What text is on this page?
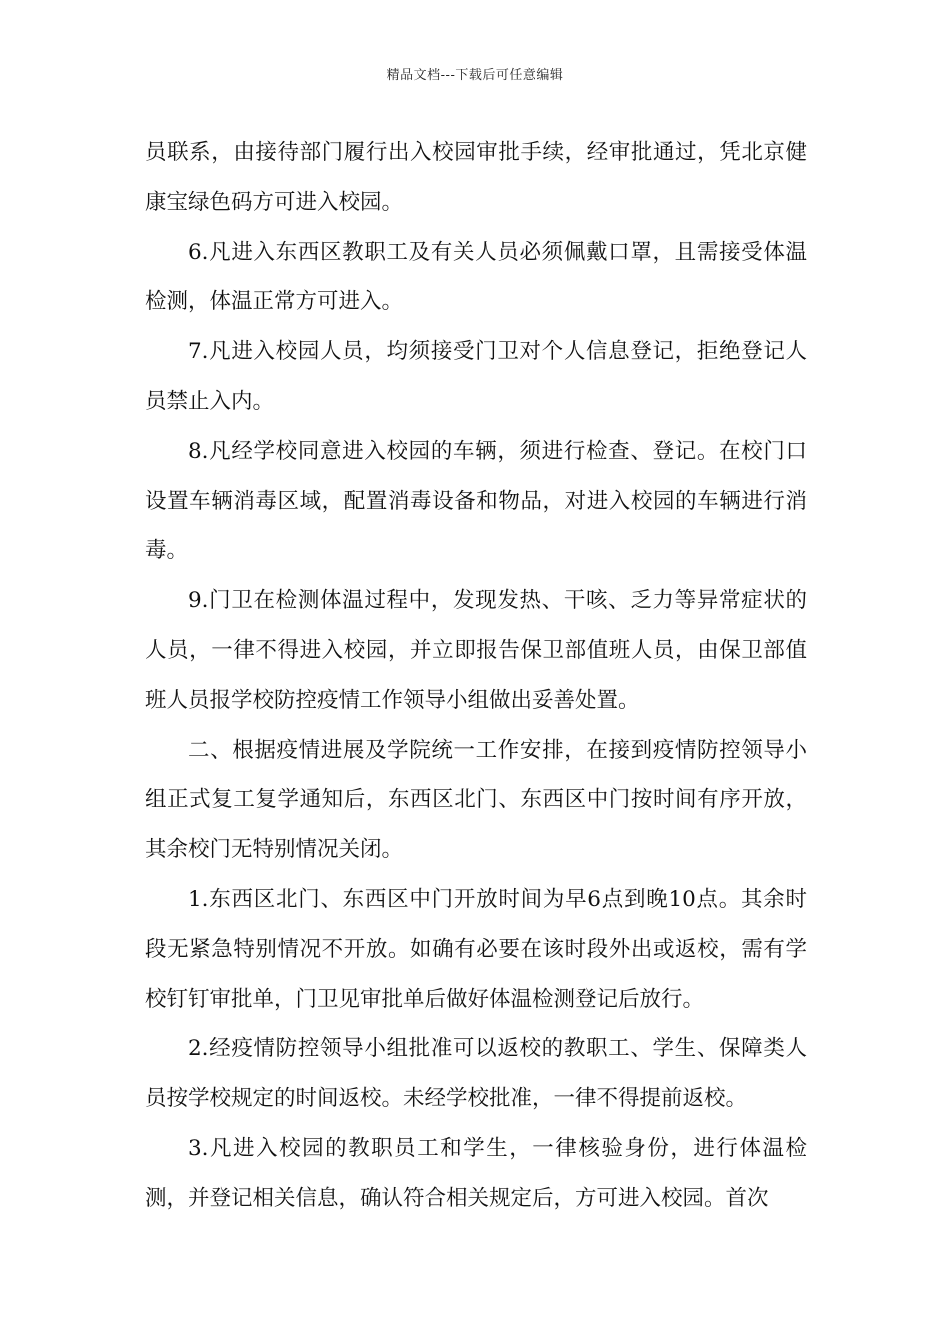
精品文档---下载后可任意编辑

员联系，由接待部门履行出入校园审批手续，经审批通过，凭北京健康宝绿色码方可进入校园。

6.凡进入东西区教职工及有关人员必须佩戴口罩，且需接受体温检测，体温正常方可进入。

7.凡进入校园人员，均须接受门卫对个人信息登记，拒绝登记人员禁止入内。

8.凡经学校同意进入校园的车辆，须进行检查、登记。在校门口设置车辆消毒区域，配置消毒设备和物品，对进入校园的车辆进行消毒。

9.门卫在检测体温过程中，发现发热、干咳、乏力等异常症状的人员，一律不得进入校园，并立即报告保卫部值班人员，由保卫部值班人员报学校防控疫情工作领导小组做出妥善处置。

二、根据疫情进展及学院统一工作安排，在接到疫情防控领导小组正式复工复学通知后，东西区北门、东西区中门按时间有序开放，其余校门无特别情况关闭。

1.东西区北门、东西区中门开放时间为早6点到晚10点。其余时段无紧急特别情况不开放。如确有必要在该时段外出或返校，需有学校钉钉审批单，门卫见审批单后做好体温检测登记后放行。

2.经疫情防控领导小组批准可以返校的教职工、学生、保障类人员按学校规定的时间返校。未经学校批准，一律不得提前返校。

3.凡进入校园的教职员工和学生，一律核验身份，进行体温检测，并登记相关信息，确认符合相关规定后，方可进入校园。首次
